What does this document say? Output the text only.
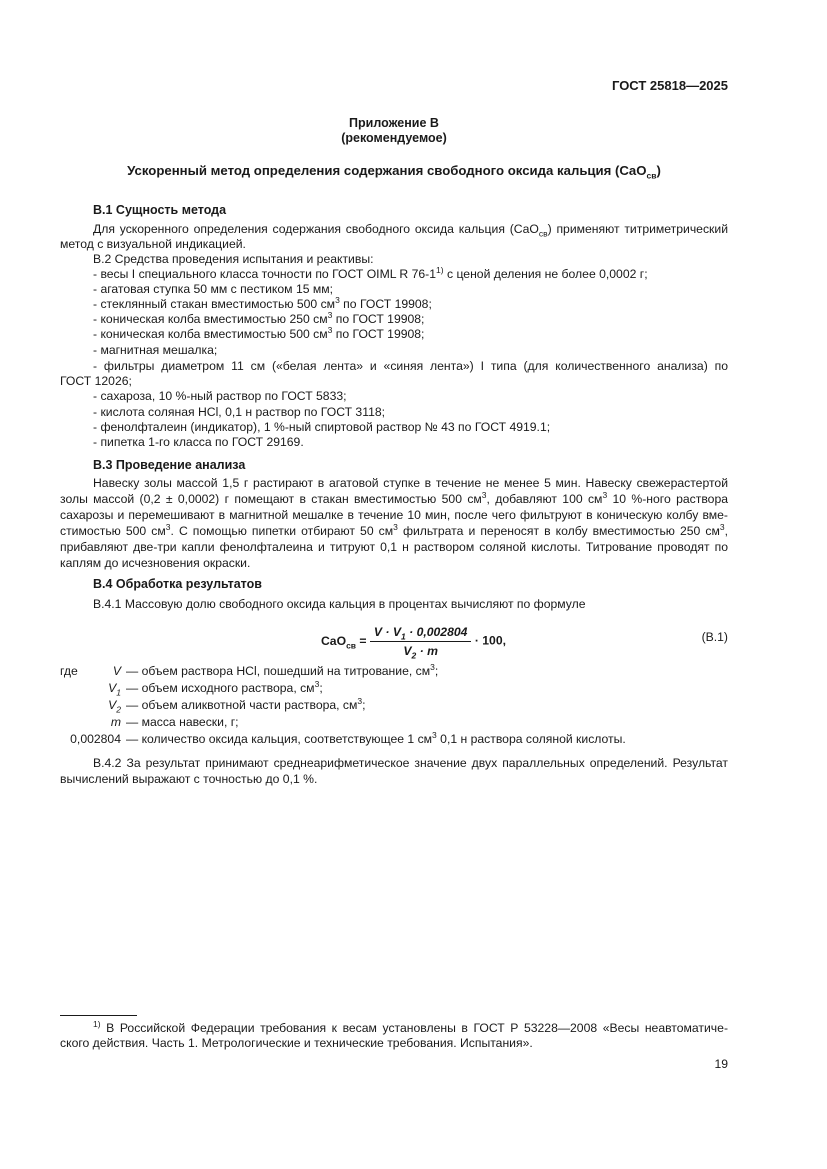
ГОСТ 25818—2025
Приложение В
(рекомендуемое)
Ускоренный метод определения содержания свободного оксида кальция (CaO$_{св}$)
В.1 Сущность метода
Для ускоренного определения содержания свободного оксида кальция (CaO$_{св}$) применяют титриметрический
метод с визуальной индикацией.
В.2 Средства проведения испытания и реактивы:
- весы I специального класса точности по ГОСТ OIML R 76-1$^{1)}$ с ценой деления не более 0,0002 г;
- агатовая ступка 50 мм с пестиком 15 мм;
- стеклянный стакан вместимостью 500 $см^3$ по ГОСТ 19908;
- коническая колба вместимостью 250 $см^3$ по ГОСТ 19908;
- коническая колба вместимостью 500 $см^3$ по ГОСТ 19908;
- магнитная мешалка;
- фильтры диаметром 11 см («белая лента» и «синяя лента») I типа (для количественного анализа) по
ГОСТ 12026;
- сахароза, 10 %-ный раствор по ГОСТ 5833;
- кислота соляная HCl, 0,1 н раствор по ГОСТ 3118;
- фенолфталеин (индикатор), 1 %-ный спиртовой раствор № 43 по ГОСТ 4919.1;
- пипетка 1-го класса по ГОСТ 29169.
В.3 Проведение анализа
Навеску золы массой 1,5 г растирают в агатовой ступке в течение не менее 5 мин. Навеску свежерастертой
золы массой (0,2 ± 0,0002) г помещают в стакан вместимостью 500 $см^3$, добавляют 100 $см^3$ 10 %-ного раствора
сахарозы и перемешивают в магнитной мешалке в течение 10 мин, после чего фильтруют в коническую колбу вме-
стимостью 500 $см^3$. С помощью пипетки отбирают 50 $см^3$ фильтрата и переносят в колбу вместимостью 250 $см^3$,
прибавляют две-три капли фенолфталеина и титруют 0,1 н раствором соляной кислоты. Титрование проводят по
каплям до исчезновения окраски.
В.4 Обработка результатов
В.4.1 Массовую долю свободного оксида кальция в процентах вычисляют по формуле
$CaO_{св} = \frac{V \cdot V_1 \cdot 0,002804}{V_2 \cdot m} \cdot 100$,	(В.1)
где	V — объем раствора HCl, пошедший на титрование, $см^3$;
$V_1$ — объем исходного раствора, $см^3$;
$V_2$ — объем аликвотной части раствора, $см^3$;
m — масса навески, г;
0,002804 — количество оксида кальция, соответствующее 1 $см^3$ 0,1 н раствора соляной кислоты.
В.4.2 За результат принимают среднеарифметическое значение двух параллельных определений. Результат
вычислений выражают с точностью до 0,1 %.
$^{1)}$ В Российской Федерации требования к весам установлены в ГОСТ Р 53228—2008 «Весы неавтоматиче-
ского действия. Часть 1. Метрологические и технические требования. Испытания».
19
